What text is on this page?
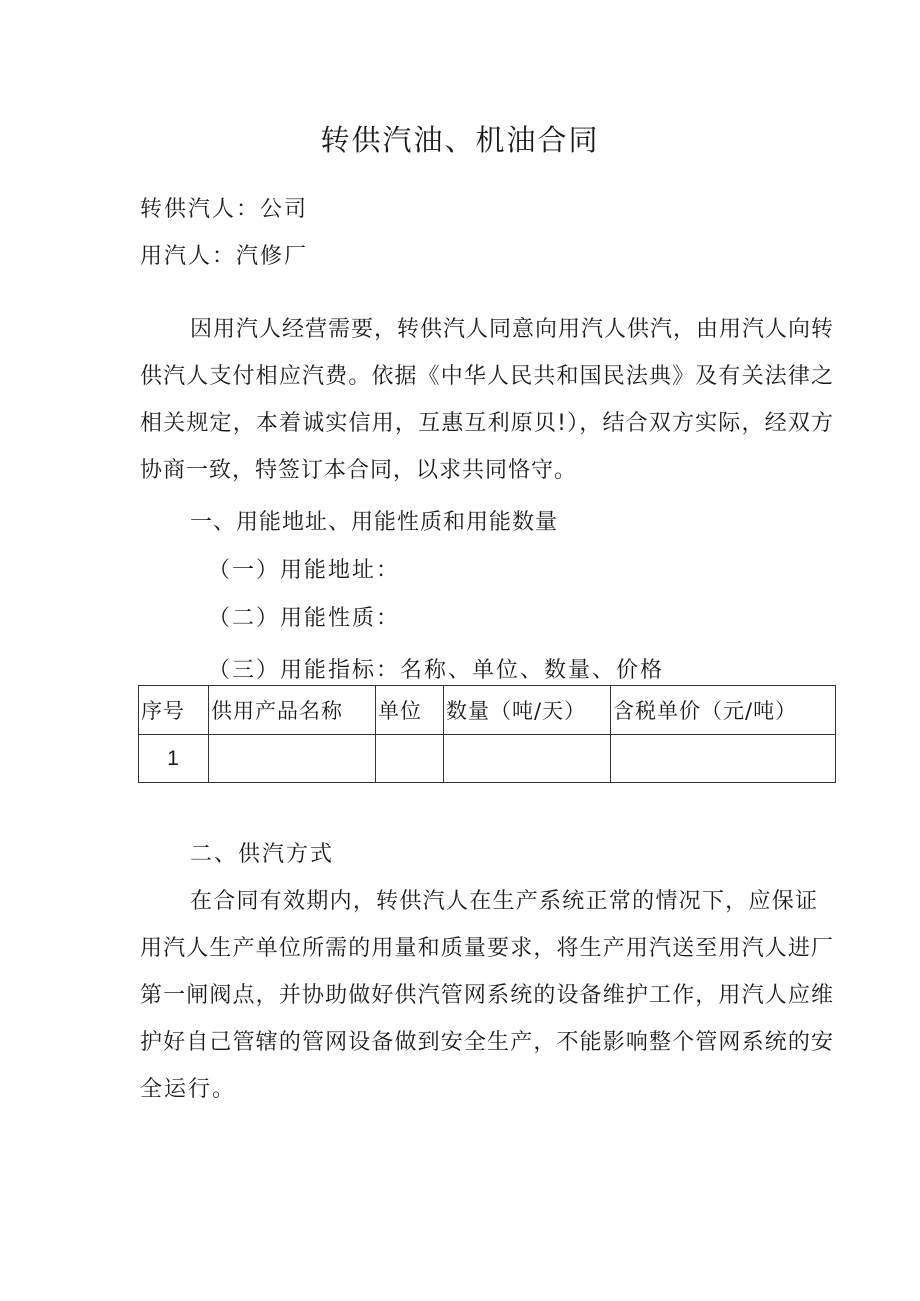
转供汽油、机油合同
转供汽人：公司
用汽人：汽修厂
因用汽人经营需要，转供汽人同意向用汽人供汽，由用汽人向转
供汽人支付相应汽费。依据《中华人民共和国民法典》及有关法律之
相关规定，本着诚实信用，互惠互利原贝!），结合双方实际，经双方
协商一致，特签订本合同，以求共同恪守。
一、用能地址、用能性质和用能数量
（一）用能地址：
（二）用能性质：
（三）用能指标：名称、单位、数量、价格
序号	供用产品名称	单位	数量（吨/天）	含税单价（元/吨）
1				
二、供汽方式
在合同有效期内，转供汽人在生产系统正常的情况下，应保证
用汽人生产单位所需的用量和质量要求，将生产用汽送至用汽人进厂
第一闸阀点，并协助做好供汽管网系统的设备维护工作，用汽人应维
护好自己管辖的管网设备做到安全生产，不能影响整个管网系统的安
全运行。
